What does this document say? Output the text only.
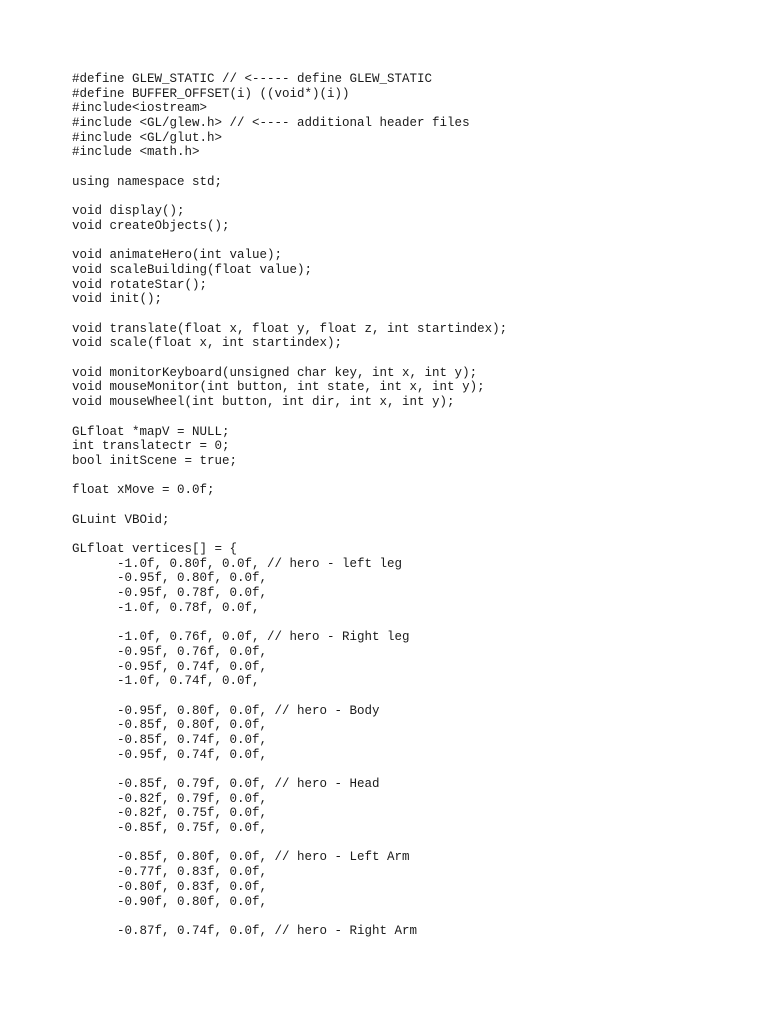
#define GLEW_STATIC // <----- define GLEW_STATIC
#define BUFFER_OFFSET(i) ((void*)(i))
#include<iostream>
#include <GL/glew.h> // <---- additional header files
#include <GL/glut.h>
#include <math.h>
using namespace std;
void display();
void createObjects();
void animateHero(int value);
void scaleBuilding(float value);
void rotateStar();
void init();
void translate(float x, float y, float z, int startindex);
void scale(float x, int startindex);
void monitorKeyboard(unsigned char key, int x, int y);
void mouseMonitor(int button, int state, int x, int y);
void mouseWheel(int button, int dir, int x, int y);
GLfloat *mapV = NULL;
int translatectr = 0;
bool initScene = true;
float xMove = 0.0f;
GLuint VBOid;
GLfloat vertices[] = {
-1.0f, 0.80f, 0.0f, // hero - left leg
-0.95f, 0.80f, 0.0f,
-0.95f, 0.78f, 0.0f,
-1.0f, 0.78f, 0.0f,
-1.0f, 0.76f, 0.0f, // hero - Right leg
-0.95f, 0.76f, 0.0f,
-0.95f, 0.74f, 0.0f,
-1.0f, 0.74f, 0.0f,
-0.95f, 0.80f, 0.0f, // hero - Body
-0.85f, 0.80f, 0.0f,
-0.85f, 0.74f, 0.0f,
-0.95f, 0.74f, 0.0f,
-0.85f, 0.79f, 0.0f, // hero - Head
-0.82f, 0.79f, 0.0f,
-0.82f, 0.75f, 0.0f,
-0.85f, 0.75f, 0.0f,
-0.85f, 0.80f, 0.0f, // hero - Left Arm
-0.77f, 0.83f, 0.0f,
-0.80f, 0.83f, 0.0f,
-0.90f, 0.80f, 0.0f,
-0.87f, 0.74f, 0.0f, // hero - Right Arm
